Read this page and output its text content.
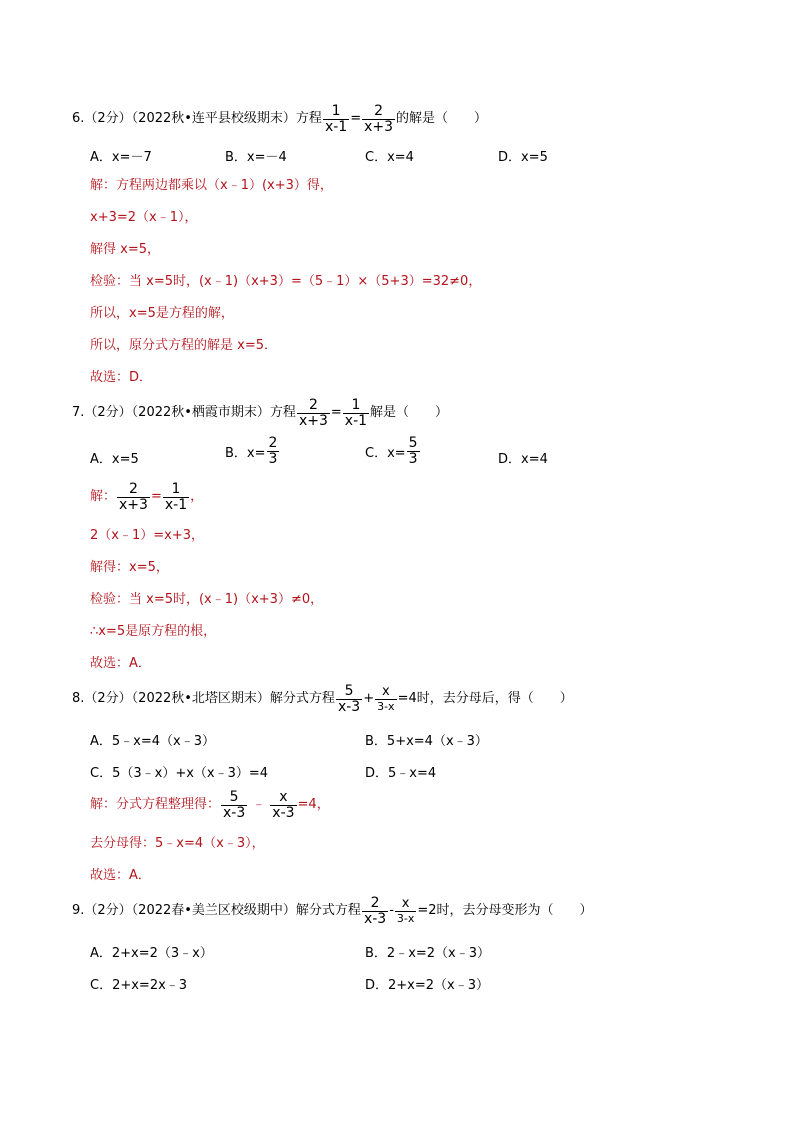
6. （2分）（2022秋•连平县校级期末）方程 $\frac{1}{x-1} = \frac{2}{x+3}$ 的解是（　　）
A．x=－7	B．x=－4	C．x=4	D．x=5
解：方程两边都乘以（x﹣1）(x+3）得，
x+3=2（x﹣1），
解得 x=5，
检验：当 x=5时，(x﹣1)（x+3）=（5﹣1）×（5+3）=32≠0，
所以，x=5是方程的解，
所以，原分式方程的解是 x=5．
故选：D．
7. （2分）（2022秋•栖霞市期末）方程 $\frac{2}{x+3} = \frac{1}{x-1}$ 解是（　　）
A．x=5	B．$x= \frac{2}{3}$	C．$x= \frac{5}{3}$	D．x=4
解： $\frac{2}{x+3} = \frac{1}{x-1}$ ，
2（x﹣1）=x+3，
解得：x=5，
检验：当 x=5时，(x﹣1)（x+3）≠0，
∴x=5是原方程的根，
故选：A．
8. （2分）（2022秋•北塔区期末）解分式方程 $\frac{5}{x-3} + \frac{x}{3-x} =4$ 时，去分母后，得（　　）
A．5﹣x=4（x﹣3）	B．5+x=4（x﹣3）
C．5（3﹣x）+x（x﹣3）=4	D．5﹣x=4
解：分式方程整理得： $\frac{5}{x-3}$ ﹣ $\frac{x}{x-3} =4$，
去分母得：5﹣x=4（x﹣3），
故选：A．
9. （2分）（2022春•美兰区校级期中）解分式方程 $\frac{2}{x-3} - \frac{x}{3-x} =2$ 时，去分母变形为（　　）
A．2+x=2（3﹣x）	B．2﹣x=2（x﹣3）
C．2+x=2x﹣3	D．2+x=2（x﹣3）
